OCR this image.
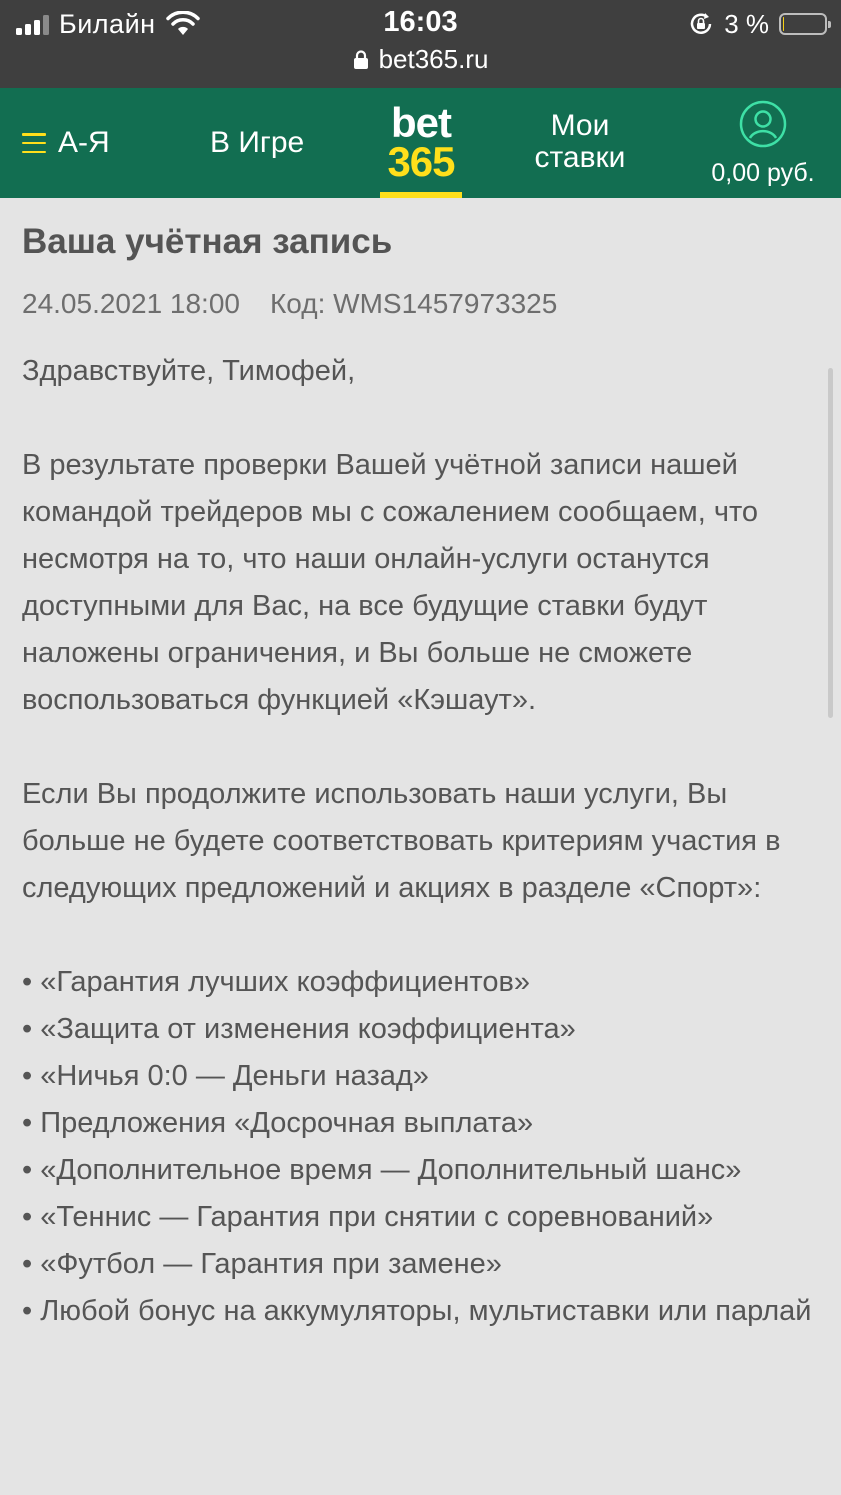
Билайн	16:03	3 %
bet365.ru
А-Я	В Игре bet
365
Мои
ставки	0,00 руб.
Ваша учётная запись
24.05.2021 18:00 Код: WMS1457973325

Здравствуйте, Тимофей,

В результате проверки Вашей учётной записи нашей командой трейдеров мы с сожалением сообщаем, что несмотря на то, что наши онлайн-услуги останутся доступными для Вас, на все будущие ставки будут наложены ограничения, и Вы больше не сможете воспользоваться функцией «Кэшаут».

Если Вы продолжите использовать наши услуги, Вы больше не будете соответствовать критериям участия в следующих предложений и акциях в разделе «Спорт»:

• «Гарантия лучших коэффициентов»
• «Защита от изменения коэффициента»
• «Ничья 0:0 — Деньги назад»
• Предложения «Досрочная выплата»
• «Дополнительное время — Дополнительный шанс»
• «Теннис — Гарантия при снятии с соревнований»
• «Футбол — Гарантия при замене»
• Любой бонус на аккумуляторы, мультиставки или парлай
